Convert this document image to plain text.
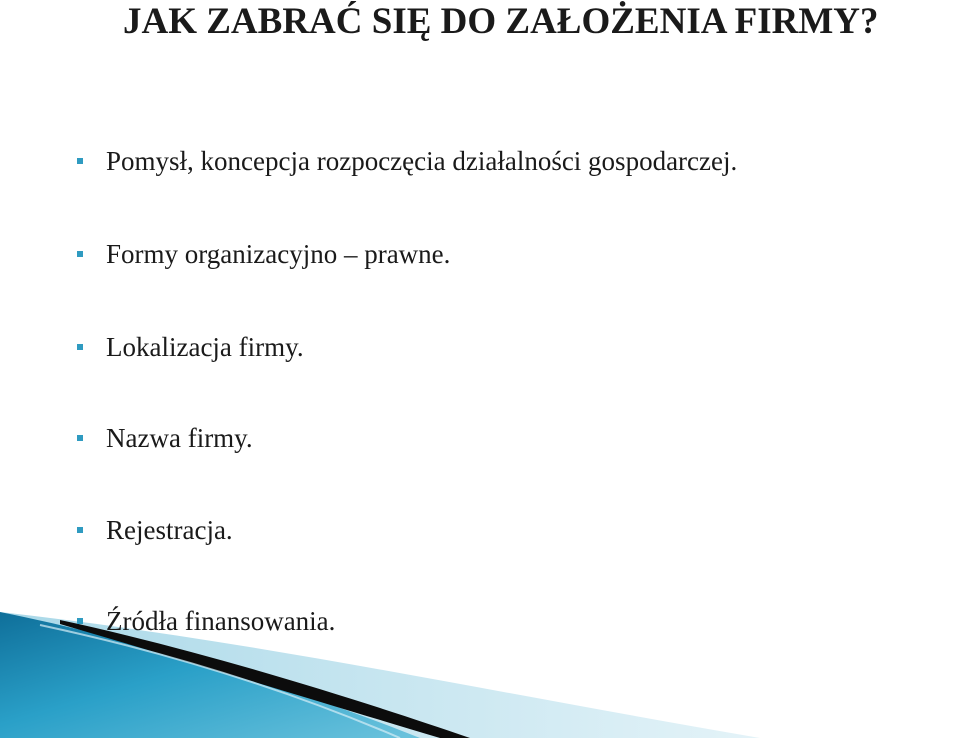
JAK ZABRAĆ SIĘ DO ZAŁOŻENIA FIRMY?
Pomysł, koncepcja rozpoczęcia działalności gospodarczej.
Formy organizacyjno – prawne.
Lokalizacja firmy.
Nazwa firmy.
Rejestracja.
Źródła finansowania.
